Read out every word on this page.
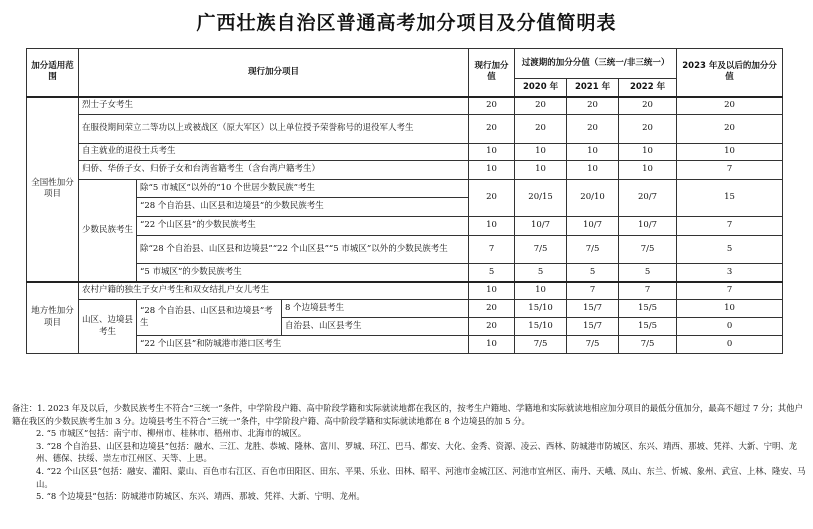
广西壮族自治区普通高考加分项目及分值简明表
加分适用范围	现行加分项目			现行加分值	过渡期的加分分值（三统一/非三统一）			2023 年及以后的加分分值
					2020 年	2021 年	2022 年	
全国性加分项目	烈士子女考生			20	20	20	20	20
	在服役期间荣立二等功以上或被战区（原大军区）以上单位授予荣誉称号的退役军人考生			20	20	20	20	20
	自主就业的退役士兵考生			10	10	10	10	10
	归侨、华侨子女、归侨子女和台湾省籍考生（含台湾户籍考生）			10	10	10	10	7
	少数民族考生	除“5 市城区”以外的“10 个世居少数民族”考生		20	20/15	20/10	20/7	15
		“28 个自治县、山区县和边境县”的少数民族考生						
		“22 个山区县”的少数民族考生		10	10/7	10/7	10/7	7
		除“28 个自治县、山区县和边境县”“22 个山区县”“5 市城区”以外的少数民族考生		7	7/5	7/5	7/5	5
		“5 市城区”的少数民族考生		5	5	5	5	3
地方性加分项目	农村户籍的独生子女户考生和双女结扎户女儿考生			10	10	7	7	7
	山区、边境县考生	“28 个自治县、山区县和边境县”考生	8 个边境县考生	20	15/10	15/7	15/5	10
			自治县、山区县考生	20	15/10	15/7	15/5	0
		“22 个山区县”和防城港市港口区考生		10	7/5	7/5	7/5	0

备注：1. 2023 年及以后，少数民族考生不符合“三统一”条件，中学阶段户籍、高中阶段学籍和实际就读地都在我区的，按考生户籍地、学籍地和实际就读地相应加分项目的最低分值加分，最高不超过 7 分；其他户籍在我区的少数民族考生加 3 分。边境县考生不符合“三统一”条件，中学阶段户籍、高中阶段学籍和实际就读地都在 8 个边境县的加 5 分。

2. “5 市城区”包括：南宁市、柳州市、桂林市、梧州市、北海市的城区。

3. “28 个自治县、山区县和边境县”包括：融水、三江、龙胜、恭城、隆林、富川、罗城、环江、巴马、都安、大化、金秀、资源、凌云、西林、防城港市防城区、东兴、靖西、那坡、凭祥、大新、宁明、龙州、德保、扶绥、崇左市江州区、天等、上思。

4. “22 个山区县”包括：融安、灌阳、蒙山、百色市右江区、百色市田阳区、田东、平果、乐业、田林、昭平、河池市金城江区、河池市宜州区、南丹、天峨、凤山、东兰、忻城、象州、武宣、上林、隆安、马山。

5. “8 个边境县”包括：防城港市防城区、东兴、靖西、那坡、凭祥、大新、宁明、龙州。
